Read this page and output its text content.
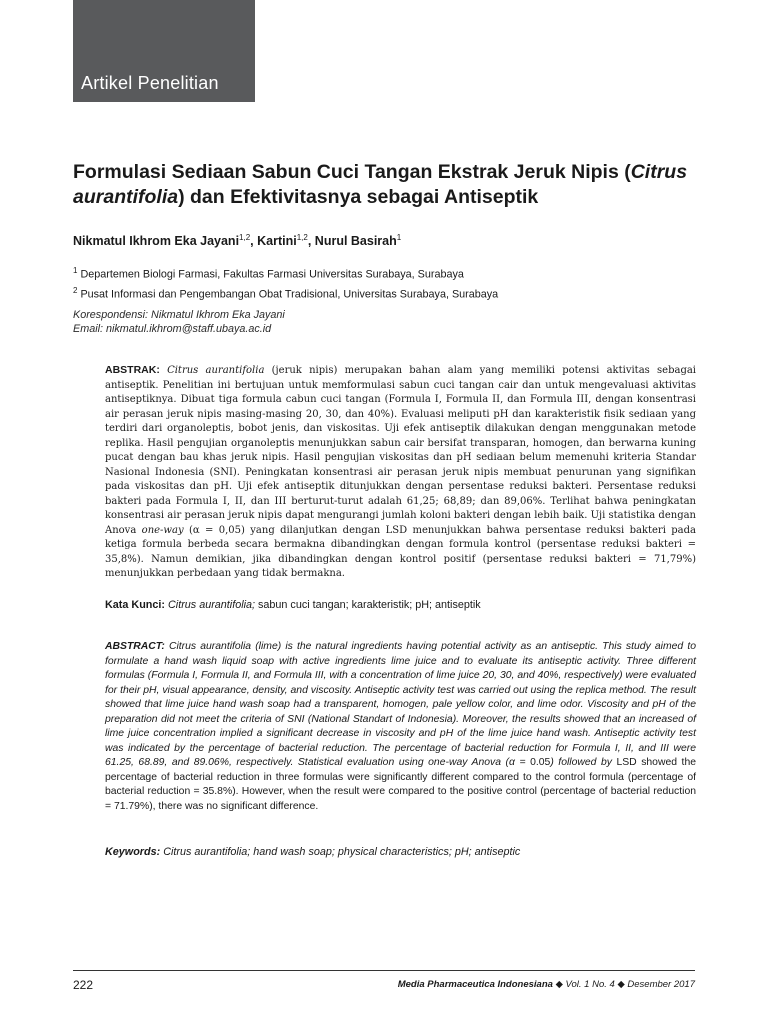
Artikel Penelitian
Formulasi Sediaan Sabun Cuci Tangan Ekstrak Jeruk Nipis (Citrus aurantifolia) dan Efektivitasnya sebagai Antiseptik
Nikmatul Ikhrom Eka Jayani$^{1,2}$, Kartini$^{1,2}$, Nurul Basirah$^1$
$^1$ Departemen Biologi Farmasi, Fakultas Farmasi Universitas Surabaya, Surabaya
$^2$ Pusat Informasi dan Pengembangan Obat Tradisional, Universitas Surabaya, Surabaya
Korespondensi: Nikmatul Ikhrom Eka Jayani
Email: nikmatul.ikhrom@staff.ubaya.ac.id

ABSTRAK: Citrus aurantifolia (jeruk nipis) merupakan bahan alam yang memiliki potensi aktivitas sebagai antiseptik. Penelitian ini bertujuan untuk memformulasi sabun cuci tangan cair dan untuk mengevaluasi aktivitas antiseptiknya. Dibuat tiga formula cabun cuci tangan (Formula I, Formula II, dan Formula III, dengan konsentrasi air perasan jeruk nipis masing-masing 20, 30, dan 40%). Evaluasi meliputi pH dan karakteristik fisik sediaan yang terdiri dari organoleptis, bobot jenis, dan viskositas. Uji efek antiseptik dilakukan dengan menggunakan metode replika. Hasil pengujian organoleptis menunjukkan sabun cair bersifat transparan, homogen, dan berwarna kuning pucat dengan bau khas jeruk nipis. Hasil pengujian viskositas dan pH sediaan belum memenuhi kriteria Standar Nasional Indonesia (SNI). Peningkatan konsentrasi air perasan jeruk nipis membuat penurunan yang signifikan pada viskositas dan pH. Uji efek antiseptik ditunjukkan dengan persentase reduksi bakteri. Persentase reduksi bakteri pada Formula I, II, dan III berturut-turut adalah 61,25; 68,89; dan 89,06%. Terlihat bahwa peningkatan konsentrasi air perasan jeruk nipis dapat mengurangi jumlah koloni bakteri dengan lebih baik. Uji statistika dengan Anova one-way (α = 0,05) yang dilanjutkan dengan LSD menunjukkan bahwa persentase reduksi bakteri pada ketiga formula berbeda secara bermakna dibandingkan dengan formula kontrol (persentase reduksi bakteri = 35,8%). Namun demikian, jika dibandingkan dengan kontrol positif (persentase reduksi bakteri = 71,79%) menunjukkan perbedaan yang tidak bermakna.

Kata Kunci: Citrus aurantifolia; sabun cuci tangan; karakteristik; pH; antiseptik

ABSTRACT: Citrus aurantifolia (lime) is the natural ingredients having potential activity as an antiseptic. This study aimed to formulate a hand wash liquid soap with active ingredients lime juice and to evaluate its antiseptic activity. Three different formulas (Formula I, Formula II, and Formula III, with a concentration of lime juice 20, 30, and 40%, respectively) were evaluated for their pH, visual appearance, density, and viscosity. Antiseptic activity test was carried out using the replica method. The result showed that lime juice hand wash soap had a transparent, homogen, pale yellow color, and lime odor. Viscosity and pH of the preparation did not meet the criteria of SNI (National Standart of Indonesia). Moreover, the results showed that an increased of lime juice concentration implied a significant decrease in viscosity and pH of the lime juice hand wash. Antiseptic activity test was indicated by the percentage of bacterial reduction. The percentage of bacterial reduction for Formula I, II, and III were 61.25, 68.89, and 89.06%, respectively. Statistical evaluation using one-way Anova (α = 0.05) followed by LSD showed the percentage of bacterial reduction in three formulas were significantly different compared to the control formula (percentage of bacterial reduction = 35.8%). However, when the result were compared to the positive control (percentage of bacterial reduction = 71.79%), there was no significant difference.

Keywords: Citrus aurantifolia; hand wash soap; physical characteristics; pH; antiseptic
222	Media Pharmaceutica Indonesiana ◆ Vol. 1 No. 4 ◆ Desember 2017
